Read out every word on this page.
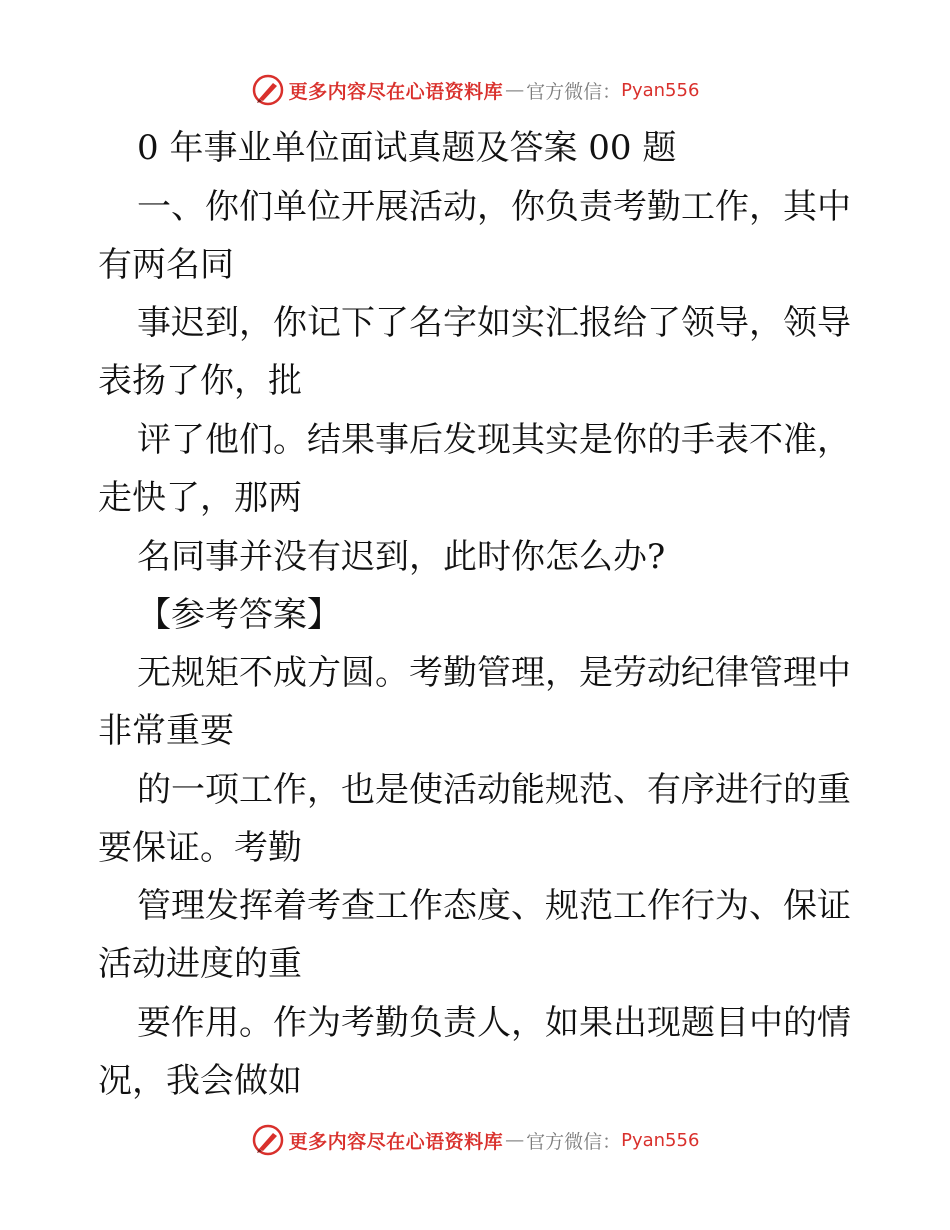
更多内容尽在心语资料库 — 官方微信： Pyan556
0 年事业单位面试真题及答案 00 题
一、你们单位开展活动，你负责考勤工作，其中
有两名同
事迟到，你记下了名字如实汇报给了领导，领导
表扬了你，批
评了他们。结果事后发现其实是你的手表不准，
走快了，那两
名同事并没有迟到，此时你怎么办?
【参考答案】
无规矩不成方圆。考勤管理，是劳动纪律管理中
非常重要
的一项工作，也是使活动能规范、有序进行的重
要保证。考勤
管理发挥着考查工作态度、规范工作行为、保证
活动进度的重
要作用。作为考勤负责人，如果出现题目中的情
况，我会做如
更多内容尽在心语资料库 — 官方微信： Pyan556
